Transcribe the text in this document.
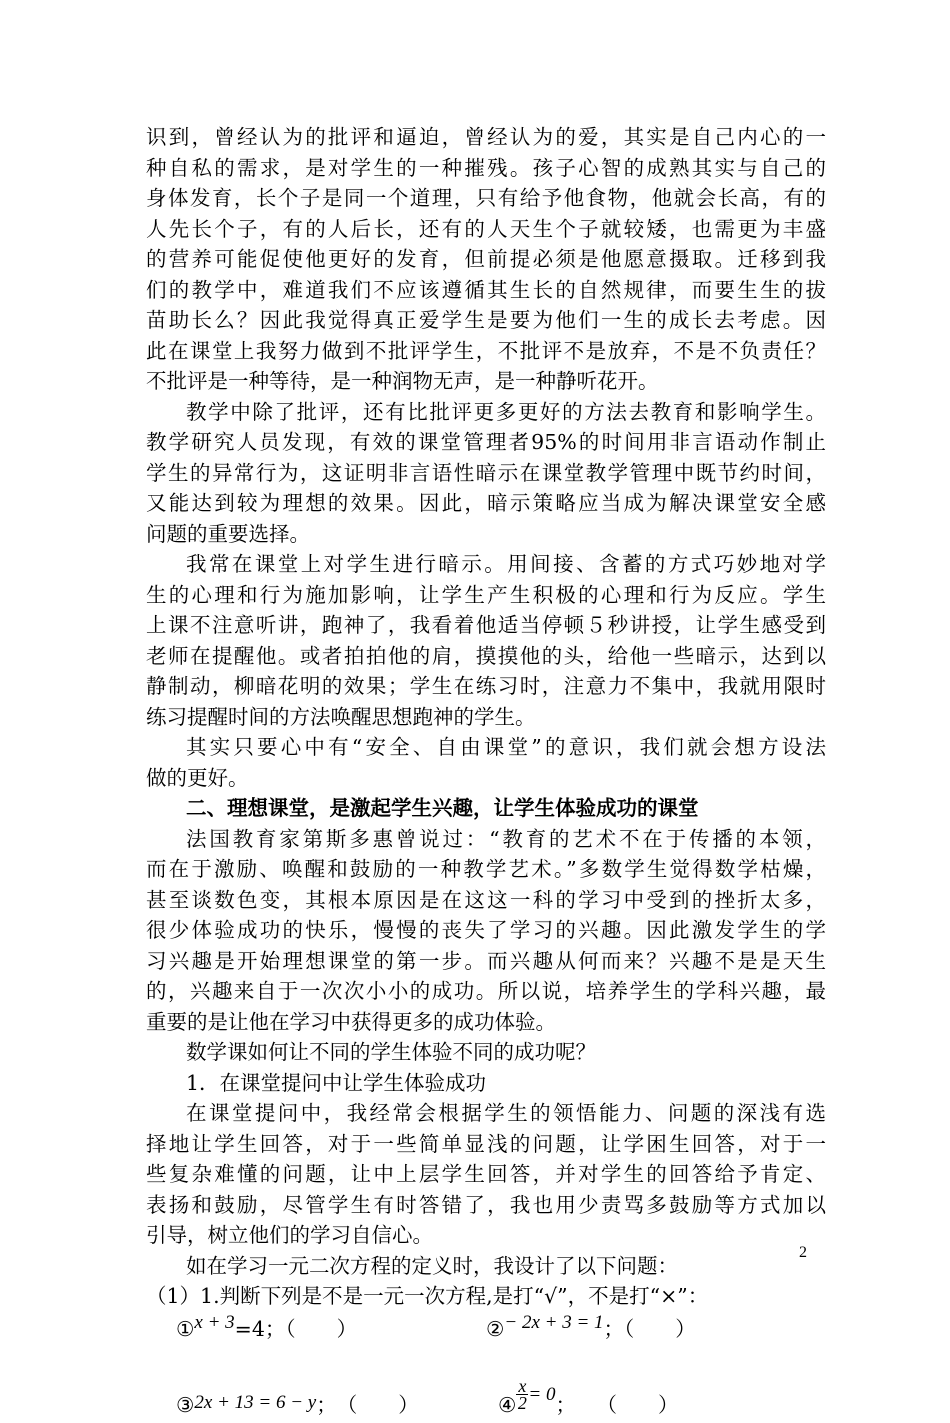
识到，曾经认为的批评和逼迫，曾经认为的爱，其实是自己内心的一
种自私的需求，是对学生的一种摧残。孩子心智的成熟其实与自己的
身体发育，长个子是同一个道理，只有给予他食物，他就会长高，有的
人先长个子，有的人后长，还有的人天生个子就较矮，也需更为丰盛
的营养可能促使他更好的发育，但前提必须是他愿意摄取。迁移到我
们的教学中，难道我们不应该遵循其生长的自然规律，而要生生的拔
苗助长么？因此我觉得真正爱学生是要为他们一生的成长去考虑。因
此在课堂上我努力做到不批评学生，不批评不是放弃，不是不负责任？
不批评是一种等待，是一种润物无声，是一种静听花开。
教学中除了批评，还有比批评更多更好的方法去教育和影响学生。
教学研究人员发现，有效的课堂管理者95%的时间用非言语动作制止
学生的异常行为，这证明非言语性暗示在课堂教学管理中既节约时间，
又能达到较为理想的效果。因此，暗示策略应当成为解决课堂安全感
问题的重要选择。
我常在课堂上对学生进行暗示。用间接、含蓄的方式巧妙地对学
生的心理和行为施加影响，让学生产生积极的心理和行为反应。学生
上课不注意听讲，跑神了，我看着他适当停顿５秒讲授，让学生感受到
老师在提醒他。或者拍拍他的肩，摸摸他的头，给他一些暗示，达到以
静制动，柳暗花明的效果；学生在练习时，注意力不集中，我就用限时
练习提醒时间的方法唤醒思想跑神的学生。
其实只要心中有“安全、自由课堂”的意识，我们就会想方设法
做的更好。
二、理想课堂，是激起学生兴趣，让学生体验成功的课堂
法国教育家第斯多惠曾说过：“教育的艺术不在于传播的本领，
而在于激励、唤醒和鼓励的一种教学艺术。”多数学生觉得数学枯燥，
甚至谈数色变，其根本原因是在这这一科的学习中受到的挫折太多，
很少体验成功的快乐，慢慢的丧失了学习的兴趣。因此激发学生的学
习兴趣是开始理想课堂的第一步。而兴趣从何而来？兴趣不是是天生
的，兴趣来自于一次次小小的成功。所以说，培养学生的学科兴趣，最
重要的是让他在学习中获得更多的成功体验。
数学课如何让不同的学生体验不同的成功呢？
1．在课堂提问中让学生体验成功
在课堂提问中，我经常会根据学生的领悟能力、问题的深浅有选
择地让学生回答，对于一些简单显浅的问题，让学困生回答，对于一
些复杂难懂的问题，让中上层学生回答，并对学生的回答给予肯定、
表扬和鼓励，尽管学生有时答错了，我也用少责骂多鼓励等方式加以
引导，树立他们的学习自信心。
如在学习一元二次方程的定义时，我设计了以下问题：
（1）1.判断下列是不是一元一次方程,是打“√”，不是打“×”：
①x + 3=4；（　　）	②− 2x + 3 = 1；（　　）
③2x + 13 = 6 − y；　（　　）	④ $\frac{x}{2} = 0$；　　（　　）
2
